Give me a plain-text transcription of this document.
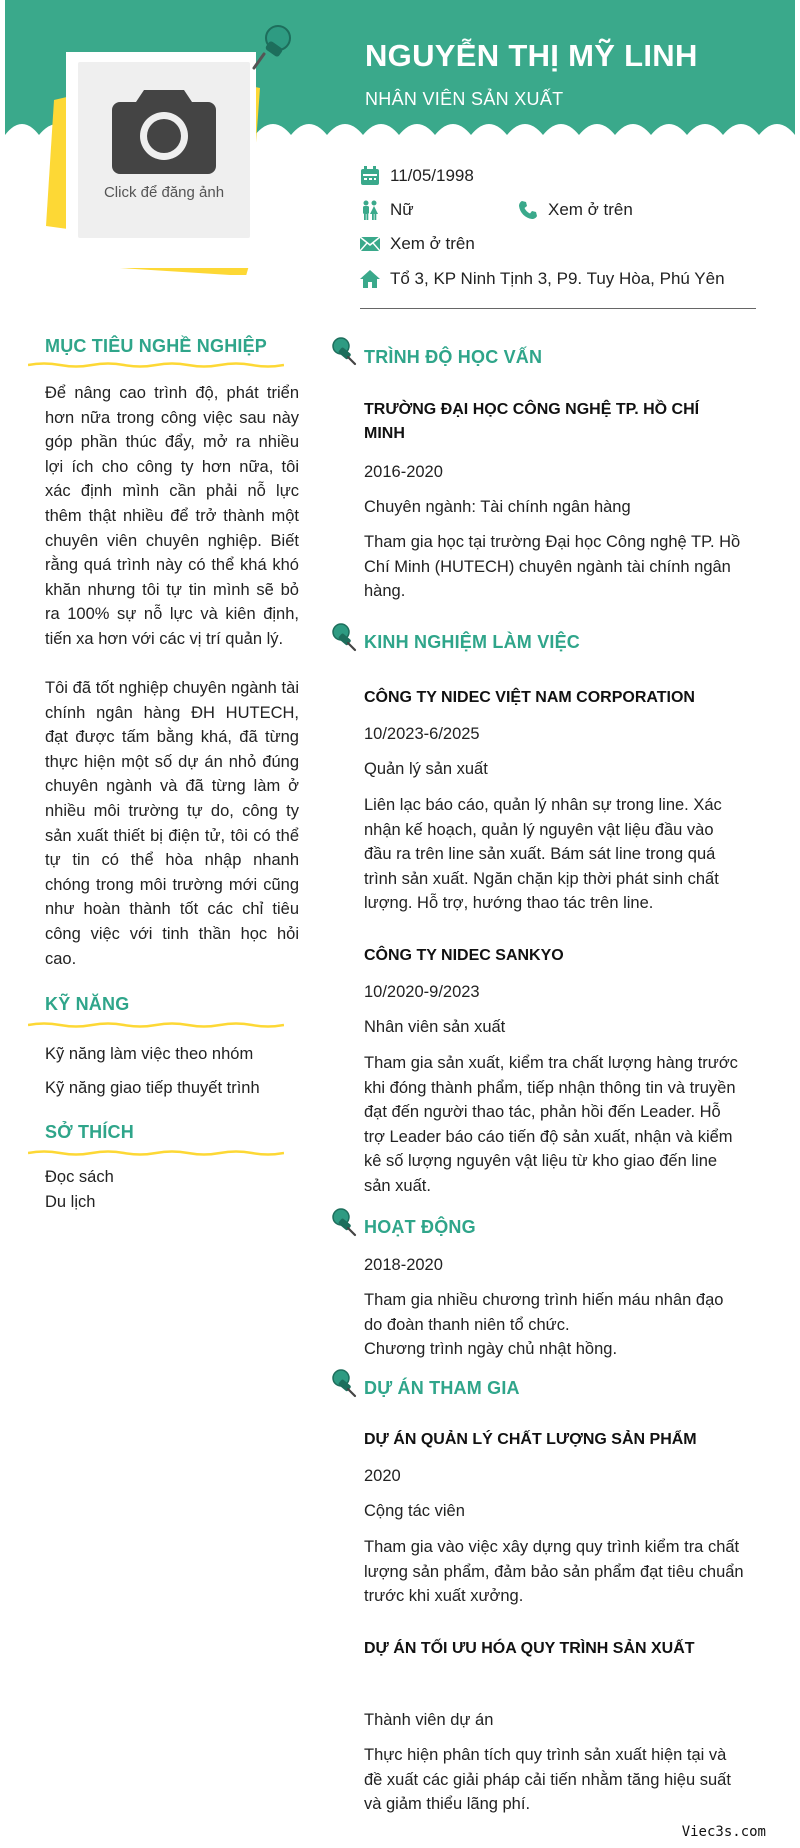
NGUYỄN THỊ MỸ LINH
NHÂN VIÊN SẢN XUẤT
Click để đăng ảnh
11/05/1998
Nữ	Xem ở trên
Xem ở trên
Tổ 3, KP Ninh Tịnh 3, P9. Tuy Hòa, Phú Yên
MỤC TIÊU NGHỀ NGHIỆP
Để nâng cao trình độ, phát triển hơn nữa trong công việc sau này góp phần thúc đẩy, mở ra nhiều lợi ích cho công ty hơn nữa, tôi xác định mình cần phải nỗ lực thêm thật nhiều để trở thành một chuyên viên chuyên nghiệp. Biết rằng quá trình này có thể khá khó khăn nhưng tôi tự tin mình sẽ bỏ ra 100% sự nỗ lực và kiên định, tiến xa hơn với các vị trí quản lý.
Tôi đã tốt nghiệp chuyên ngành tài chính ngân hàng ĐH HUTECH, đạt được tấm bằng khá, đã từng thực hiện một số dự án nhỏ đúng chuyên ngành và đã từng làm ở nhiều môi trường tự do, công ty sản xuất thiết bị điện tử, tôi có thể tự tin có thể hòa nhập nhanh chóng trong môi trường mới cũng như hoàn thành tốt các chỉ tiêu công việc với tinh thần học hỏi cao.
KỸ NĂNG
Kỹ năng làm việc theo nhóm
Kỹ năng giao tiếp thuyết trình
SỞ THÍCH
Đọc sách
Du lịch
TRÌNH ĐỘ HỌC VẤN
TRƯỜNG ĐẠI HỌC CÔNG NGHỆ TP. HỒ CHÍ MINH
2016-2020
Chuyên ngành: Tài chính ngân hàng
Tham gia học tại trường Đại học Công nghệ TP. Hồ Chí Minh (HUTECH) chuyên ngành tài chính ngân hàng.
KINH NGHIỆM LÀM VIỆC
CÔNG TY NIDEC VIỆT NAM CORPORATION
10/2023-6/2025
Quản lý sản xuất
Liên lạc báo cáo, quản lý nhân sự trong line. Xác nhận kế hoạch, quản lý nguyên vật liệu đầu vào đầu ra trên line sản xuất. Bám sát line trong quá trình sản xuất. Ngăn chặn kịp thời phát sinh chất lượng. Hỗ trợ, hướng thao tác trên line.
CÔNG TY NIDEC SANKYO
10/2020-9/2023
Nhân viên sản xuất
Tham gia sản xuất, kiểm tra chất lượng hàng trước khi đóng thành phẩm, tiếp nhận thông tin và truyền đạt đến người thao tác, phản hồi đến Leader. Hỗ trợ Leader báo cáo tiến độ sản xuất, nhận và kiểm kê số lượng nguyên vật liệu từ kho giao đến line sản xuất.
HOẠT ĐỘNG
2018-2020
Tham gia nhiều chương trình hiến máu nhân đạo do đoàn thanh niên tổ chức.
Chương trình ngày chủ nhật hồng.
DỰ ÁN THAM GIA
DỰ ÁN QUẢN LÝ CHẤT LƯỢNG SẢN PHẨM
2020
Cộng tác viên
Tham gia vào việc xây dựng quy trình kiểm tra chất lượng sản phẩm, đảm bảo sản phẩm đạt tiêu chuẩn trước khi xuất xưởng.
DỰ ÁN TỐI ƯU HÓA QUY TRÌNH SẢN XUẤT
Thành viên dự án
Thực hiện phân tích quy trình sản xuất hiện tại và đề xuất các giải pháp cải tiến nhằm tăng hiệu suất và giảm thiểu lãng phí.
Viec3s.com
